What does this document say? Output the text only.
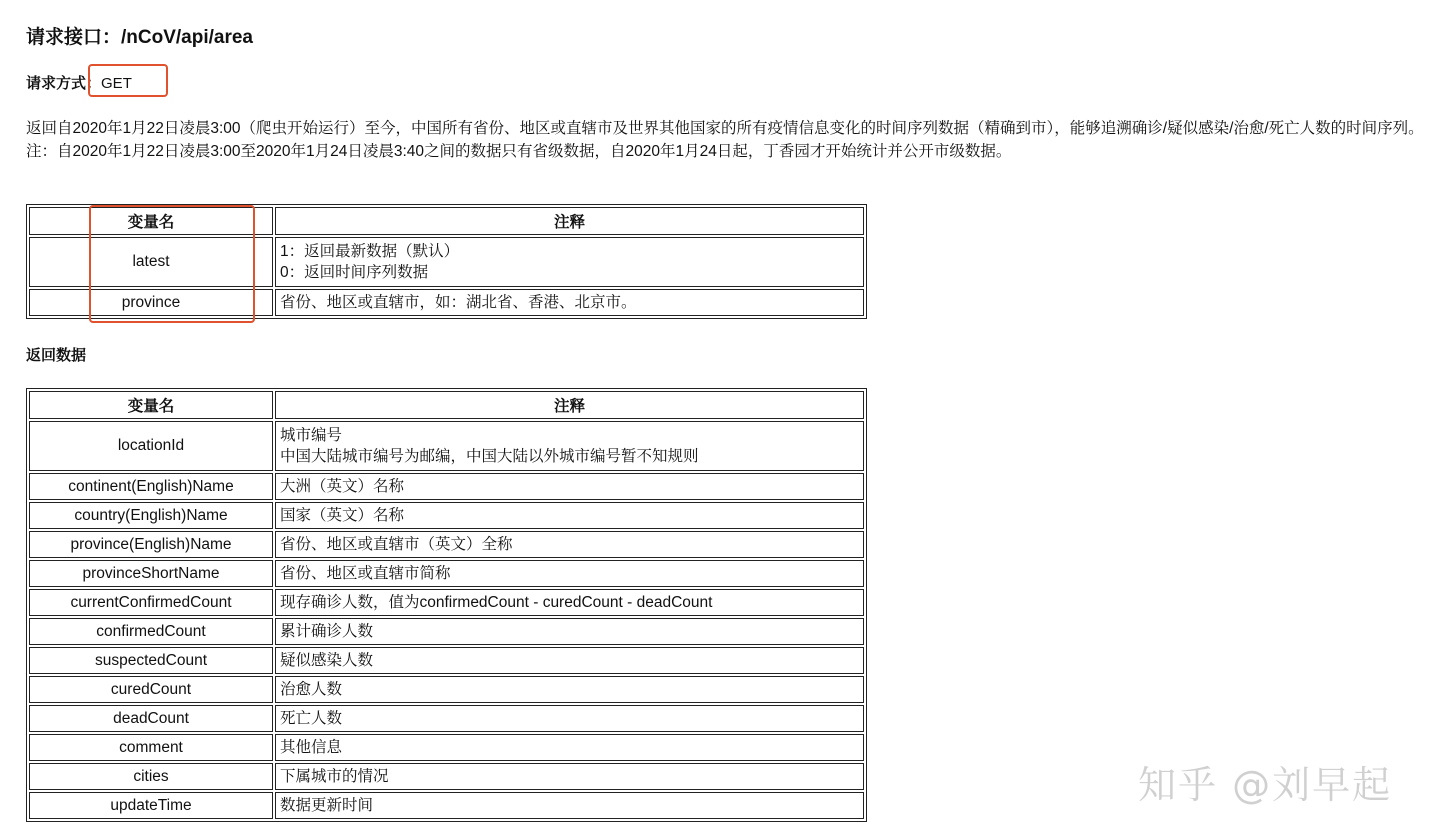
请求接口：/nCoV/api/area
请求方式：GET

返回自2020年1月22日凌晨3:00（爬虫开始运行）至今，中国所有省份、地区或直辖市及世界其他国家的所有疫情信息变化的时间序列数据（精确到市），能够追溯确诊/疑似感染/治愈/死亡人数的时间序列。

注：自2020年1月22日凌晨3:00至2020年1月24日凌晨3:40之间的数据只有省级数据，自2020年1月24日起，丁香园才开始统计并公开市级数据。

变量名	注释
latest	1：返回最新数据（默认）
0：返回时间序列数据

province	省份、地区或直辖市，如：湖北省、香港、北京市。
返回数据
变量名	注释
locationId	城市编号
中国大陆城市编号为邮编，中国大陆以外城市编号暂不知规则

continent(English)Name	大洲（英文）名称

country(English)Name	国家（英文）名称

province(English)Name	省份、地区或直辖市（英文）全称

provinceShortName	省份、地区或直辖市简称

currentConfirmedCount	现存确诊人数，值为confirmedCount - curedCount - deadCount

confirmedCount	累计确诊人数

suspectedCount	疑似感染人数

curedCount	治愈人数

deadCount	死亡人数

comment	其他信息

cities	下属城市的情况

updateTime	数据更新时间	知乎 @刘早起
